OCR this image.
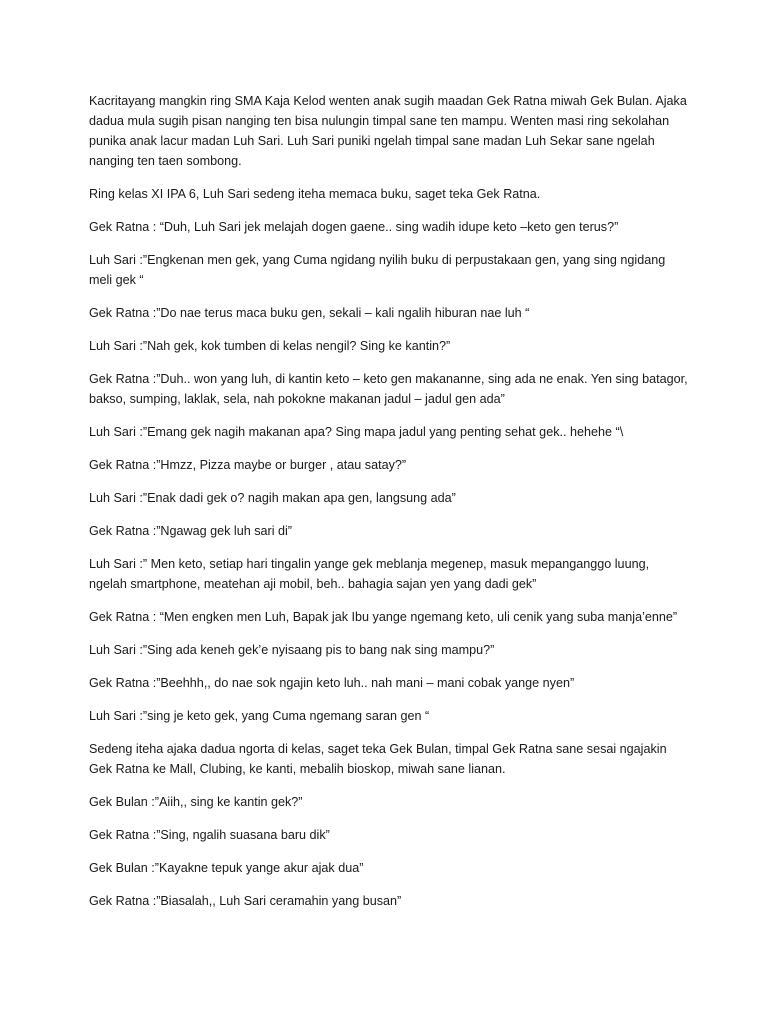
Kacritayang mangkin ring SMA Kaja Kelod wenten anak sugih maadan Gek Ratna miwah Gek Bulan. Ajaka dadua mula sugih pisan nanging ten bisa nulungin timpal sane ten mampu. Wenten masi ring sekolahan punika anak lacur madan Luh Sari. Luh Sari puniki ngelah timpal sane madan Luh Sekar sane ngelah nanging ten taen sombong.

Ring kelas XI IPA 6, Luh Sari sedeng iteha memaca buku, saget teka Gek Ratna.

Gek Ratna : “Duh, Luh Sari jek melajah dogen gaene.. sing wadih idupe keto –keto gen terus?”

Luh Sari :”Engkenan men gek, yang Cuma ngidang nyilih buku di perpustakaan gen, yang sing ngidang meli gek “

Gek Ratna :”Do nae terus maca buku gen, sekali – kali ngalih hiburan nae luh “

Luh Sari :”Nah gek, kok tumben di kelas nengil? Sing ke kantin?”

Gek Ratna :”Duh.. won yang luh, di kantin keto – keto gen makananne, sing ada ne enak. Yen sing batagor, bakso, sumping, laklak, sela, nah pokokne makanan jadul – jadul gen ada”

Luh Sari :”Emang gek nagih makanan apa? Sing mapa jadul yang penting sehat gek.. hehehe “\

Gek Ratna :”Hmzz, Pizza maybe or burger , atau satay?”

Luh Sari :”Enak dadi gek o? nagih makan apa gen, langsung ada”

Gek Ratna :”Ngawag gek luh sari di”

Luh Sari :” Men keto, setiap hari tingalin yange gek meblanja megenep, masuk mepanganggo luung, ngelah smartphone, meatehan aji mobil, beh.. bahagia sajan yen yang dadi gek”

Gek Ratna : “Men engken men Luh, Bapak jak Ibu yange ngemang keto, uli cenik yang suba manja’enne”

Luh Sari :”Sing ada keneh gek’e nyisaang pis to bang nak sing mampu?”

Gek Ratna :”Beehhh,, do nae sok ngajin keto luh.. nah mani – mani cobak yange nyen”

Luh Sari :”sing je keto gek, yang Cuma ngemang saran gen “

Sedeng iteha ajaka dadua ngorta di kelas, saget teka Gek Bulan, timpal Gek Ratna sane sesai ngajakin Gek Ratna ke Mall, Clubing, ke kanti, mebalih bioskop, miwah sane lianan.

Gek Bulan :”Aiih,, sing ke kantin gek?”

Gek Ratna :”Sing, ngalih suasana baru dik”

Gek Bulan :”Kayakne tepuk yange akur ajak dua”

Gek Ratna :”Biasalah,, Luh Sari ceramahin yang busan”
